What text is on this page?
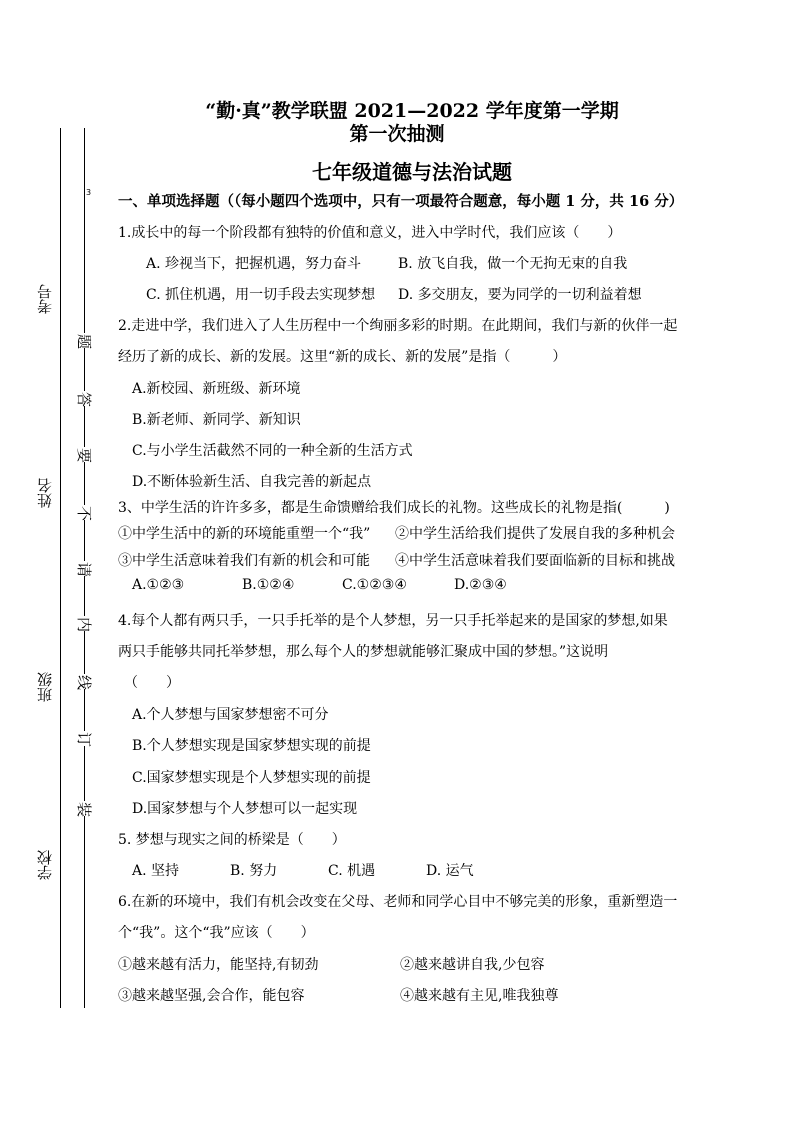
考号
姓名
班级
学校
3
题
答
要
不
请
内
线
订
装
“勤·真”教学联盟 2021—2022 学年度第一学期
第一次抽测
七年级道德与法治试题
一、单项选择题（（每小题四个选项中，只有一项最符合题意，每小题 1 分，共 16 分）
1.成长中的每一个阶段都有独特的价值和意义，进入中学时代，我们应该（　　）
A. 珍视当下，把握机遇，努力奋斗	B. 放飞自我，做一个无拘无束的自我
C. 抓住机遇，用一切手段去实现梦想 D. 多交朋友，要为同学的一切利益着想
2.走进中学，我们进入了人生历程中一个绚丽多彩的时期。在此期间，我们与新的伙伴一起
经历了新的成长、新的发展。这里“新的成长、新的发展”是指（　　　）
A.新校园、新班级、新环境
B.新老师、新同学、新知识
C.与小学生活截然不同的一种全新的生活方式
D.不断体验新生活、自我完善的新起点
3、中学生活的许许多多，都是生命馈赠给我们成长的礼物。这些成长的礼物是指(　　　)
①中学生活中的新的环境能重塑一个“我” ②中学生活给我们提供了发展自我的多种机会
③中学生活意味着我们有新的机会和可能 ④中学生活意味着我们要面临新的目标和挑战
A.①②③	B.①②④	C.①②③④	D.②③④
4.每个人都有两只手，一只手托举的是个人梦想，另一只手托举起来的是国家的梦想,如果
两只手能够共同托举梦想，那么每个人的梦想就能够汇聚成中国的梦想。”这说明
（　　）
A.个人梦想与国家梦想密不可分
B.个人梦想实现是国家梦想实现的前提
C.国家梦想实现是个人梦想实现的前提
D.国家梦想与个人梦想可以一起实现
5. 梦想与现实之间的桥梁是（　　）
A. 坚持	B. 努力	C. 机遇	D. 运气
6.在新的环境中，我们有机会改变在父母、老师和同学心目中不够完美的形象，重新塑造一
个“我”。这个“我”应该（　　）
①越来越有活力，能坚持,有韧劲	②越来越讲自我,少包容
③越来越坚强,会合作，能包容	④越来越有主见,唯我独尊
